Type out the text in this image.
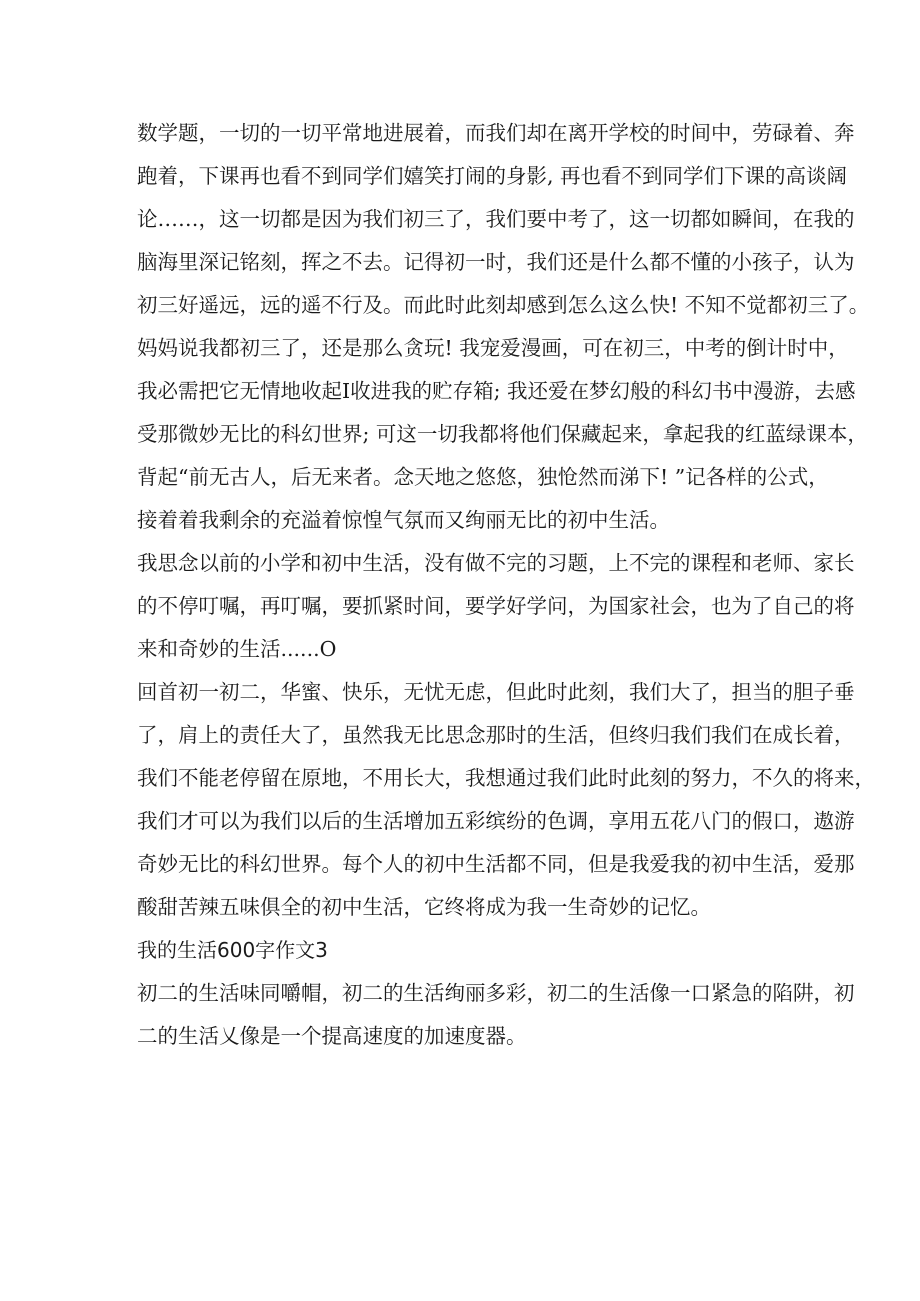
数学题，一切的一切平常地进展着，而我们却在离开学校的时间中，劳碌着、奔
跑着，下课再也看不到同学们嬉笑打闹的身影, 再也看不到同学们下课的高谈阔
论……，这一切都是因为我们初三了，我们要中考了，这一切都如瞬间，在我的
脑海里深记铭刻，挥之不去。记得初一时，我们还是什么都不懂的小孩子，认为
初三好遥远，远的遥不行及。而此时此刻却感到怎么这么快! 不知不觉都初三了。
妈妈说我都初三了，还是那么贪玩! 我宠爱漫画，可在初三，中考的倒计时中，
我必需把它无情地收起I收进我的贮存箱; 我还爱在梦幻般的科幻书中漫游，去感
受那微妙无比的科幻世界; 可这一切我都将他们保藏起来，拿起我的红蓝绿课本，
背起“前无古人，后无来者。念天地之悠悠，独怆然而涕下! ”记各样的公式，
接着着我剩余的充溢着惊惶气氛而又绚丽无比的初中生活。
我思念以前的小学和初中生活，没有做不完的习题，上不完的课程和老师、家长
的不停叮嘱，再叮嘱，要抓紧时间，要学好学问，为国家社会，也为了自己的将
来和奇妙的生活......O
回首初一初二，华蜜、快乐，无忧无虑，但此时此刻，我们大了，担当的胆子垂
了，肩上的责任大了，虽然我无比思念那时的生活，但终归我们我们在成长着，
我们不能老停留在原地，不用长大，我想通过我们此时此刻的努力，不久的将来，
我们才可以为我们以后的生活增加五彩缤纷的色调，享用五花八门的假口，遨游
奇妙无比的科幻世界。每个人的初中生活都不同，但是我爱我的初中生活，爱那
酸甜苦辣五味俱全的初中生活，它终将成为我一生奇妙的记忆。
我的生活600字作文3
初二的生活味同嚼帽，初二的生活绚丽多彩，初二的生活像一口紧急的陷阱，初
二的生活乂像是一个提高速度的加速度器。
